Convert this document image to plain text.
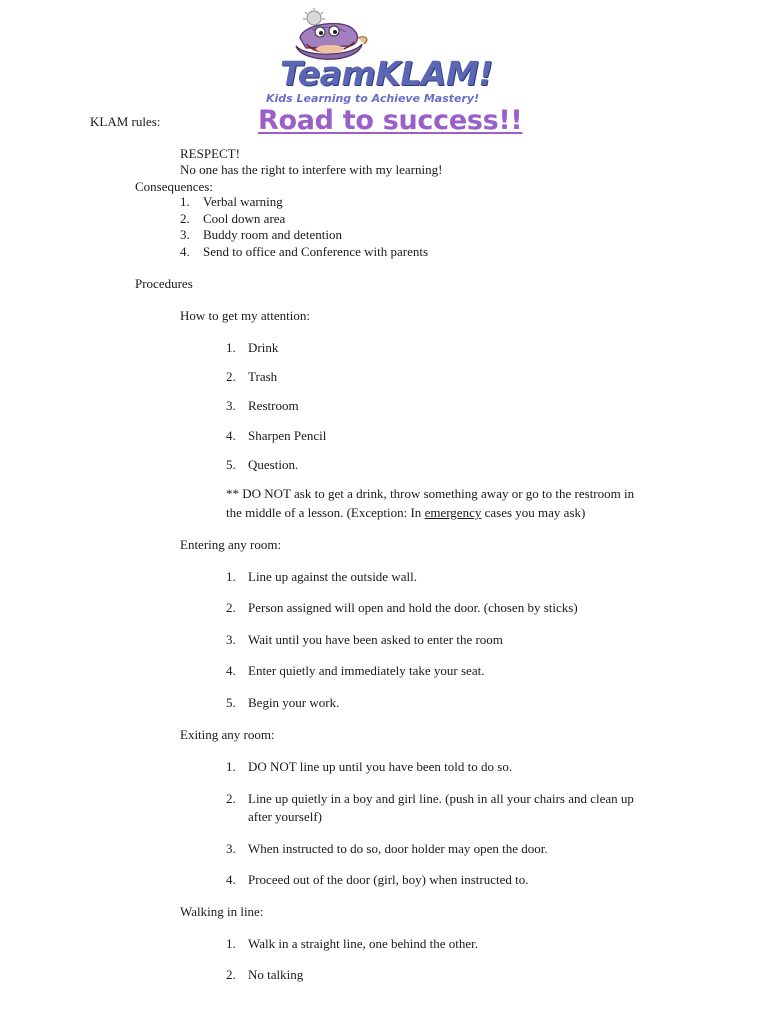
TeamKLAM!
Kids Learning to Achieve Mastery!
Road to success!!
KLAM rules:
RESPECT!
No one has the right to interfere with my learning!
Consequences:
1. Verbal warning
2. Cool down area
3. Buddy room and detention
4. Send to office and Conference with parents
Procedures
How to get my attention:
1. Drink
2. Trash
3. Restroom
4. Sharpen Pencil
5. Question.
** DO NOT ask to get a drink, throw something away or go to the restroom in
the middle of a lesson. (Exception: In emergency cases you may ask)
Entering any room:
1. Line up against the outside wall.
2. Person assigned will open and hold the door. (chosen by sticks)
3. Wait until you have been asked to enter the room
4. Enter quietly and immediately take your seat.
5. Begin your work.
Exiting any room:
1. DO NOT line up until you have been told to do so.
2. Line up quietly in a boy and girl line. (push in all your chairs and clean up
after yourself)
3. When instructed to do so, door holder may open the door.
4. Proceed out of the door (girl, boy) when instructed to.
Walking in line:
1. Walk in a straight line, one behind the other.
2. No talking
